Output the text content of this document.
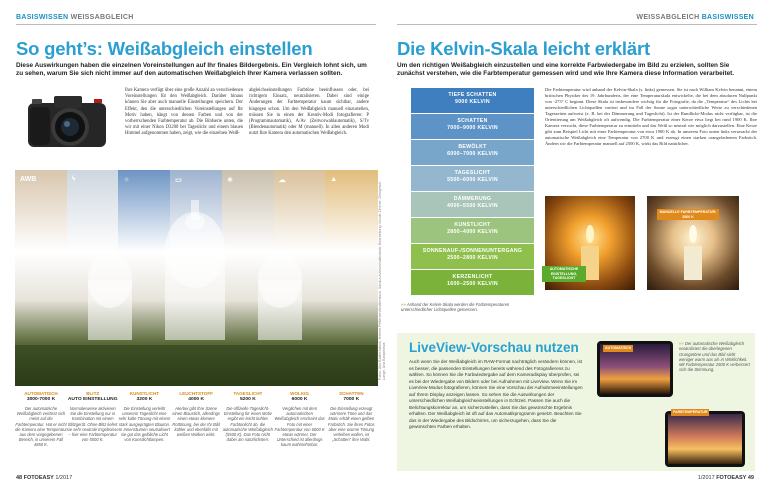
BASISWISSEN WEISSABGLEICH
So geht’s: Weißabgleich einstellen
Diese Auswirkungen haben die einzelnen Voreinstellungen auf Ihr finales Bildergebnis. Ein Vergleich lohnt sich, um zu sehen, warum Sie sich nicht immer auf den automatischen Weißabgleich Ihrer Kamera verlassen sollten.
Ihre Kamera verfügt über eine große Anzahl an verschiedenen Voreinstellungen für den Weißabgleich. Darüber hinaus können Sie aber auch manuelle Einstellungen speichern. Der Effekt, den die unterschiedlichen Voreinstellungen auf Ihr Motiv haben, hängt von dessen Farben und von der vorherrschenden Farbtemperatur ab. Die Bildserie unten, die wir mit einer Nikon D3200 bei Tageslicht und einem blauen Himmel aufgenommen haben, zeigt, wie die einzelnen Weiß-
abgleichseinstellungen Farbtöne beeinflussen oder, bei richtigem Einsatz, neutralisieren. Dabei sind einige Änderungen der Farbtemperatur kaum sichtbar, andere hingegen schon. Um den Weißabgleich manuell einzustellen, müssen Sie in einen der Kreativ-Modi fotografieren: P (Programmautomatik), A/Av (Zeitvorwahlautomatik), S/Tv (Blendenautomatik) oder M (manuell). In allen anderen Modi nutzt Ihre Kamera den automatischen Weißabgleich.
AWB	ϟ	☼	▭	☀	☁	▲
Fotos: Abu Baxter/istock, Helene Pettersen/shutterstock, Sandra Aviles/shutterstock; Bearbeitung: Nicole Zimmer, Designsch. Lange, Ana Barpahlova
AUTOMATISCH
3000-7000 K
Der automatische Weißabgleich verlässt sich meist auf die Farbtemperatur. Hat er nicht die Kamera eine Temperatur aus dem vorgegebenen Bereich, in unserem Fall 4850 K.
BLITZ
AUTO EINSTELLUNG
Normalerweise aktivieren Sie die Einstellung nur in Kombination mit einem Blitzgerät. Ohne Blitz liefert sie sehr neutrale Ergebnisse – hier eine Farbtemperatur von 5500 K.
KUNSTLICHT
3200 K
Die Einstellung verleiht unserem Tageslicht eine sehr kalte Tönung mit einem stark ausgeprägten Blauton. In Innenräumen neutralisiert sie gut das gelbliche Licht von Kunstlichtlampen.
LEUCHTSTOFF
4000 K
Hierbei gibt Ihre Szene einen Blaustich, allerdings einen etwas kleinere Rottönung, bei der Ihr Bild kühler und ebenfalls mit weißen Wolken wirkt.
TAGESLICHT
5200 K
Die offizielle Tageslicht-Einstellung für einen Motiv ergibt ein leicht kühles Farbtonlicht ab, die automatische Weißabgleich (5500 K). Das Foto nicht dabei am natürlichsten.
WOLKIG
6000 K
Verglichen mit dem automatischen Weißabgleich erscheint das Foto mit einer Farbtemperatur von 6000 K etwas wärmer. Der Unterschied ist allerdings kaum wahrnehmbar.
SCHATTEN
7000 K
Die Einstellung erzeugt wärmere Töne und das Motiv erhält einen gelben Farbstich. Sie ihren Fotos aber eine warme Tönung verleihen wollen, ist „Schatten“ ihre Wahl.
48 FOTOEASY 1/2017
WEISSABGLEICH BASISWISSEN
Die Kelvin-Skala leicht erklärt
Um den richtigen Weißabgleich einzustellen und eine korrekte Farbwiedergabe im Bild zu erzielen, sollten Sie zunächst verstehen, wie die Farbtemperatur gemessen wird und wie Ihre Kamera diese Information verarbeitet.
TIEFE SCHATTEN
9000 KELVIN
SCHATTEN
7000–9000 KELVIN
BEWÖLKT
6000–7000 KELVIN
TAGESLICHT
5500–6000 KELVIN
DÄMMERUNG
4000–5500 KELVIN
KUNSTLICHT
2800–4000 KELVIN
SONNENAUF-/SONNENUNTERGANG
2500–2800 KELVIN
KERZENLICHT
1600–2500 KELVIN
Die Farbtemperatur wird anhand der Kelvin-Skala (s. links) gemessen. Sie ist nach William Kelvin benannt, einem britischen Physiker des 19. Jahrhunderts, der eine Temperaturskala entwickelte, die bei dem absoluten Nullpunkt von -273° C beginnt. Diese Skala ist insbesondere wichtig für die Fotografie, da die „Temperatur“ des Lichts bei unterschiedlichen Lichtquellen variiert und im Fall der Sonne sogar unterschiedliche Werte zu verschiedenen Tageszeiten aufweist (z. B. bei der Dämmerung und Tageslicht). Ist der Rundlicht-Modus nicht verfügbar, ist die Orientierung am Weißabgleich oft aufwendig. Die Farbtemperatur einer Kerze etwa liegt bei rund 1900 K. Ihre Kamera versucht, diese Farbtemperatur zu ermitteln und das Weiß so neutral wie möglich darzustellen. Eine Kerze gibt zum Beispiel Licht mit einer Farbtemperatur von etwa 1900 K ab. In unserem Foto unten links verursacht der automatische Weißabgleich eine Temperatur von 2700 K und erzeugt einen starken orangefarbenen Farbstich. Ändern wir die Farbtemperatur manuell auf 2500 K, wirkt das Bild natürlicher.
AUTOMATISCHE EINSTELLUNG, TAGESLICHT
MANUELLE FARBTEMPERATUR: 2500 K
»» Anhand der Kelvin-Skala werden die Farbtemperaturen unterschiedlicher Lichtquellen gemessen.
LiveView-Vorschau nutzen
Auch wenn Sie der Weißabgleich im RAW-Format nachträglich verändern können, ist es besser, die passenden Einstellungen bereits während des Fotografierens zu wählen. So können Sie die Farbwiedergabe auf dem Kameradisplay überprüfen, sei es bei der Wiedergabe von Bildern oder bei Aufnahmen mit LiveView. Wenn Sie im LiveView-Modus fotografieren, können Sie eine Vorschau der Aufnahmeeinstellungen auf Ihrem Display anzeigen lassen. So sehen Sie die Auswirkungen der unterschiedlichen Weißabgleichseinstellungen in Echtzeit. Passen Sie auch die Belichtungskorrektur an, um sicherzustellen, dass Sie das gewünschte Ergebnis erhalten. Der Weißabgleich ist oft auf das Automatikprogramm gesetzt. Beachten Sie das in der Wiedergabe des Bildschirms, um sicherzugehen, dass Sie die gewünschten Farben erhalten.
AUTOMATISCH
FARBTEMPERATUR
»» Der automatische Weißabgleich neutralisiert die überlegenen Orangetöne und das Bild sieht weniger warm aus als in Wirklichkeit. Mit Farbtemperatur 2500 K verbessert sich die Stimmung.
1/2017 FOTOEASY 49
